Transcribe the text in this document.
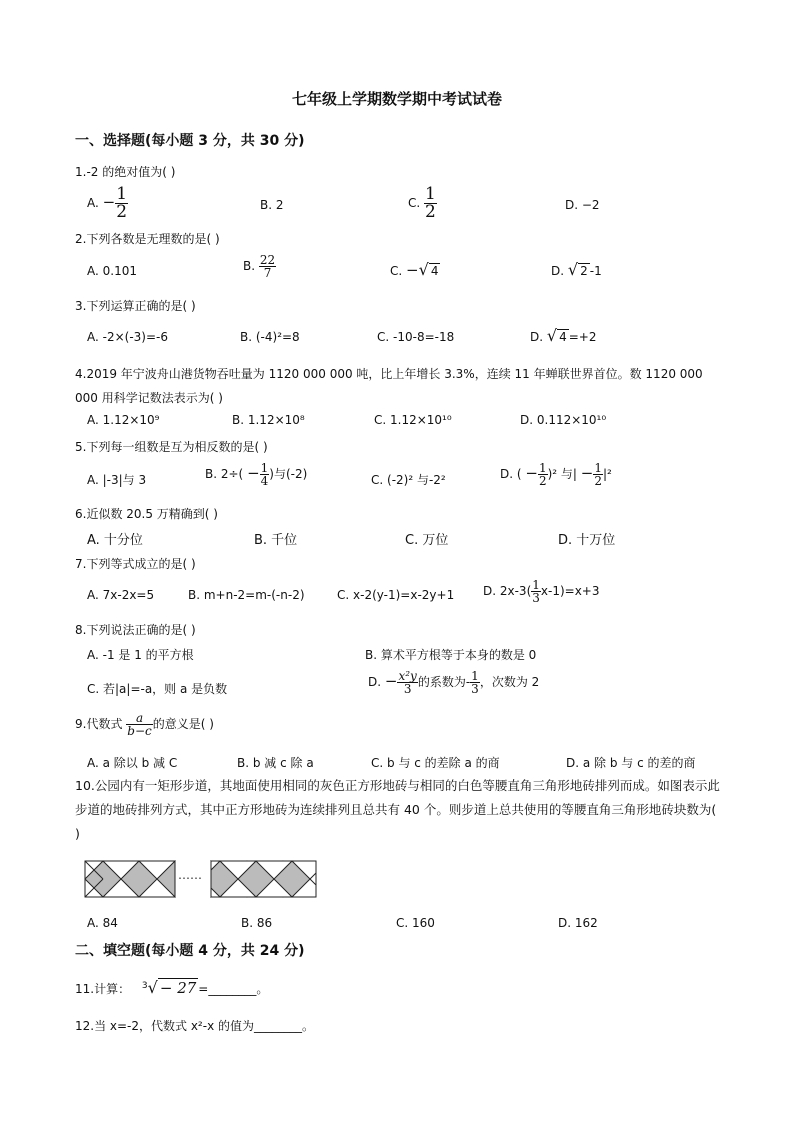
七年级上学期数学期中考试试卷
一、选择题(每小题 3 分，共 30 分)
1.-2 的绝对值为( )
A. − $\frac{1}{2}$	B. 2	C. $\frac{1}{2}$	D. −2
2.下列各数是无理数的是( )
A. 0.101	B. $\frac{22}{7}$	C. −√ 4	D. √ 2 -1
3.下列运算正确的是( )
A. -2×(-3)=-6	B. (-4)²=8	C. -10-8=-18	D. √ 4 =+2
4.2019 年宁波舟山港货物吞吐量为 1120 000 000 吨，比上年增长 3.3%，连续 11 年蝉联世界首位。数 1120 000 000 用科学记数法表示为( )
A. 1.12×10⁹	B. 1.12×10⁸	C. 1.12×10¹⁰	D. 0.112×10¹⁰
5.下列每一组数是互为相反数的是( )
A. |-3|与 3	B. $2\div( - \frac{1}{4}$ )与(-2)	C. (-2)² 与-2²	D. ( − $\frac{1}{2} )^2$ 与| − $\frac{1}{2} |^2$
6.近似数 20.5 万精确到( )
A. 十分位	B. 千位	C. 万位	D. 十万位
7.下列等式成立的是( )
A. 7x-2x=5	B. m+n-2=m-(-n-2)	C. x-2(y-1)=x-2y+1 D. $2x-3( \frac{1}{3} x-1)=x+3$
8.下列说法正确的是( )
A. -1 是 1 的平方根	B. 算术平方根等于本身的数是 0
C. 若|a|=-a，则 a 是负数	D. − $\frac{\text{x²y}}{3}$ 的系数为- $\frac{1}{3}$ ，次数为 2
9.代数式 $\frac{a}{b-c}$ 的意义是( )
A. a 除以 b 减 C	B. b 减 c 除 a	C. b 与 c 的差除 a 的商	D. a 除 b 与 c 的差的商
10.公园内有一矩形步道，其地面使用相同的灰色正方形地砖与相同的白色等腰直角三角形地砖排列而成。如图表示此步道的地砖排列方式，其中正方形地砖为连续排列且总共有 40 个。则步道上总共使用的等腰直角三角形地砖块数为( )
……
A. 84	B. 86	C. 160	D. 162
二、填空题(每小题 4 分，共 24 分)
11.计算： $^3$√ − 27 =________。
12.当 x=-2，代数式 x²-x 的值为________。
